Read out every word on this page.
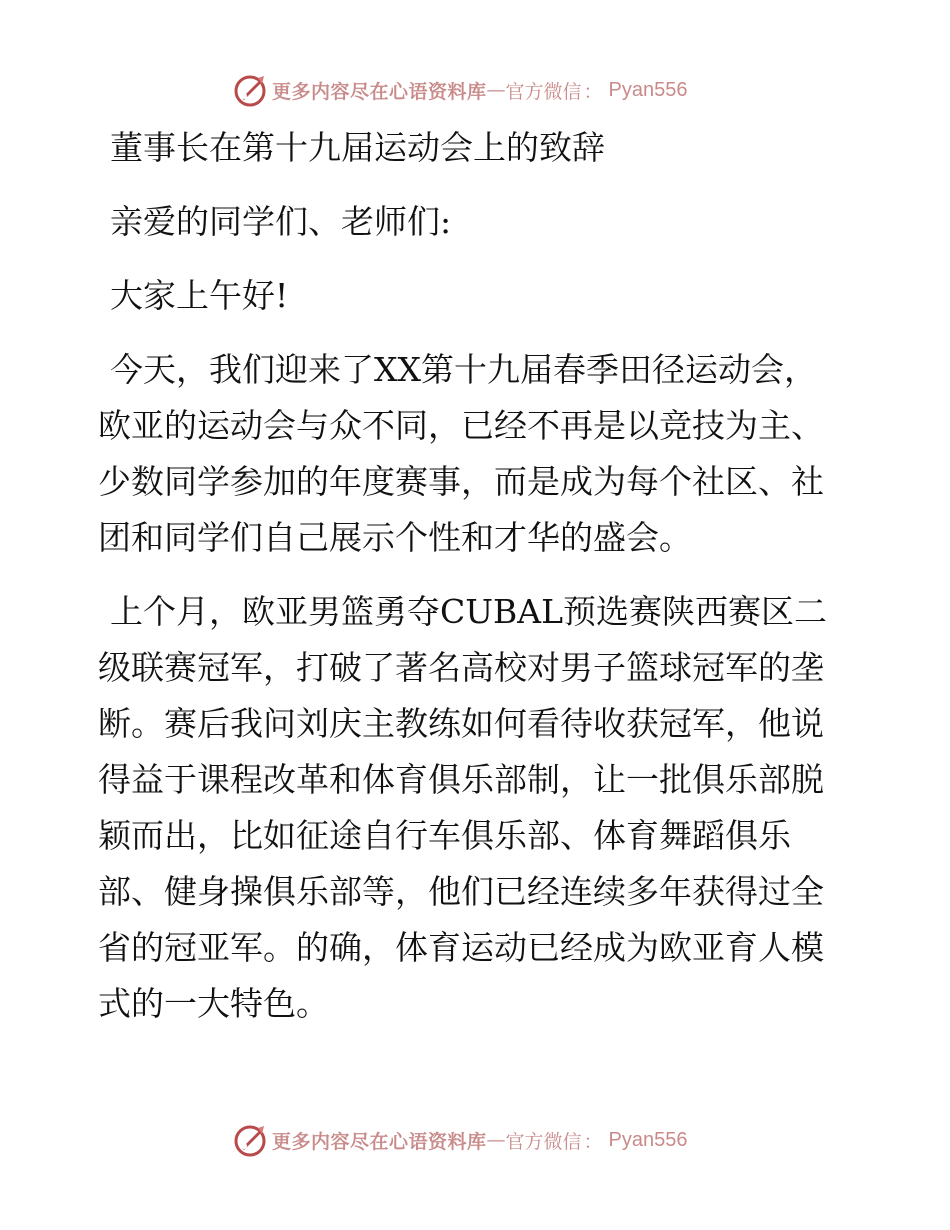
更多内容尽在心语资料库 — 官方微信 ： Pyan556
董事长在第十九届运动会上的致辞
亲爱的同学们、老师们:
大家上午好!
今天，我们迎来了XX第十九届春季田径运动会，
欧亚的运动会与众不同，已经不再是以竞技为主、
少数同学参加的年度赛事，而是成为每个社区、社
团和同学们自己展示个性和才华的盛会。
上个月，欧亚男篮勇夺CUBAL预选赛陕西赛区二
级联赛冠军，打破了著名高校对男子篮球冠军的垄
断。赛后我问刘庆主教练如何看待收获冠军，他说
得益于课程改革和体育俱乐部制，让一批俱乐部脱
颖而出，比如征途自行车俱乐部、体育舞蹈俱乐
部、健身操俱乐部等，他们已经连续多年获得过全
省的冠亚军。的确，体育运动已经成为欧亚育人模
式的一大特色。
更多内容尽在心语资料库 — 官方微信 ： Pyan556
